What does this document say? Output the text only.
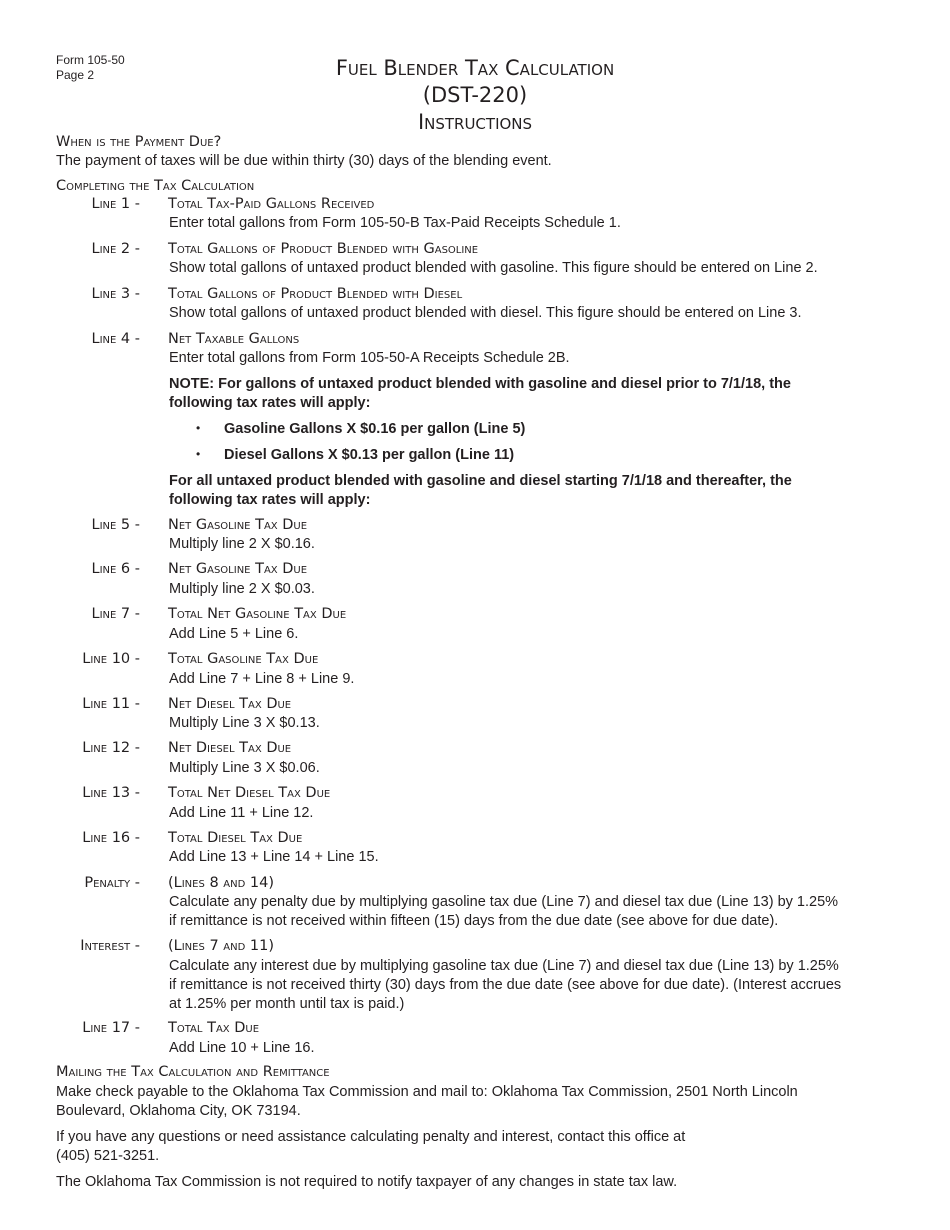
Form 105-50
Page 2	Fuel Blender Tax Calculation
(DST-220)
Instructions
When is the Payment Due?
The payment of taxes will be due within thirty (30) days of the blending event.
Completing the Tax Calculation
Line 1 - Total Tax-Paid Gallons Received
Enter total gallons from Form 105-50-B Tax-Paid Receipts Schedule 1.
Line 2 - Total Gallons of Product Blended with Gasoline
Show total gallons of untaxed product blended with gasoline. This figure should be entered on Line 2.
Line 3 - Total Gallons of Product Blended with Diesel
Show total gallons of untaxed product blended with diesel. This figure should be entered on Line 3.
Line 4 - Net Taxable Gallons
Enter total gallons from Form 105-50-A Receipts Schedule 2B.
NOTE: For gallons of untaxed product blended with gasoline and diesel prior to 7/1/18, the
following tax rates will apply:
• Gasoline Gallons X $0.16 per gallon (Line 5)
• Diesel Gallons X $0.13 per gallon (Line 11)
For all untaxed product blended with gasoline and diesel starting 7/1/18 and thereafter, the
following tax rates will apply:
Line 5 - Net Gasoline Tax Due
Multiply line 2 X $0.16.
Line 6 - Net Gasoline Tax Due
Multiply line 2 X $0.03.
Line 7 - Total Net Gasoline Tax Due
Add Line 5 + Line 6.
Line 10 - Total Gasoline Tax Due
Add Line 7 + Line 8 + Line 9.
Line 11 - Net Diesel Tax Due
Multiply Line 3 X $0.13.
Line 12 - Net Diesel Tax Due
Multiply Line 3 X $0.06.
Line 13 - Total Net Diesel Tax Due
Add Line 11 + Line 12.
Line 16 - Total Diesel Tax Due
Add Line 13 + Line 14 + Line 15.
Penalty - (Lines 8 and 14)
Calculate any penalty due by multiplying gasoline tax due (Line 7) and diesel tax due (Line 13) by 1.25%
if remittance is not received within fifteen (15) days from the due date (see above for due date).
Interest - (Lines 7 and 11)
Calculate any interest due by multiplying gasoline tax due (Line 7) and diesel tax due (Line 13) by 1.25%
if remittance is not received thirty (30) days from the due date (see above for due date). (Interest accrues
at 1.25% per month until tax is paid.)
Line 17 - Total Tax Due
Add Line 10 + Line 16.
Mailing the Tax Calculation and Remittance
Make check payable to the Oklahoma Tax Commission and mail to: Oklahoma Tax Commission, 2501 North Lincoln
Boulevard, Oklahoma City, OK 73194.
If you have any questions or need assistance calculating penalty and interest, contact this office at
(405) 521-3251.
The Oklahoma Tax Commission is not required to notify taxpayer of any changes in state tax law.
